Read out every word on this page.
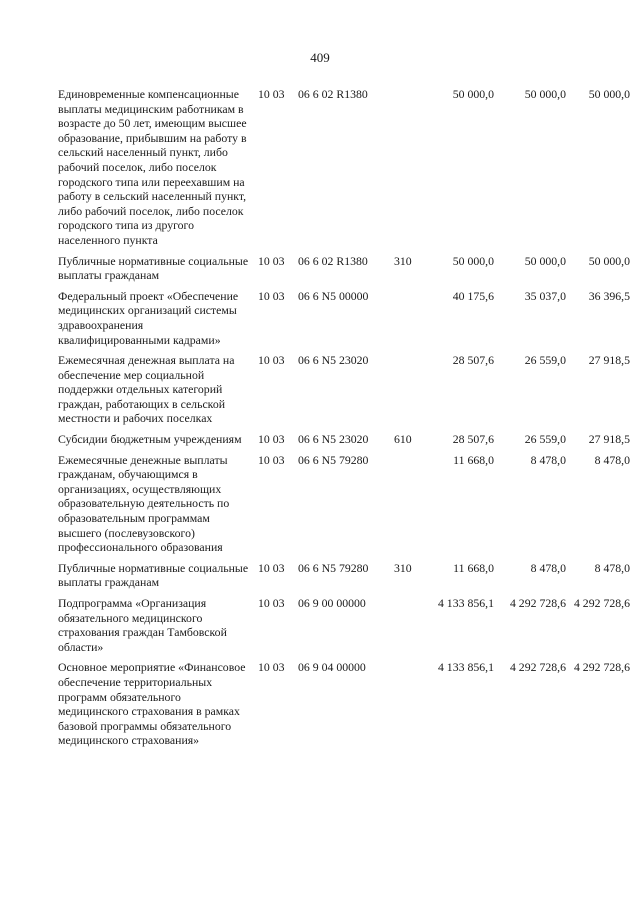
409
Единовременные компенсационные выплаты медицинским работникам в возрасте до 50 лет, имеющим высшее образование, прибывшим на работу в сельский населенный пункт, либо рабочий поселок, либо поселок городского типа или переехавшим на работу в сельский населенный пункт, либо рабочий поселок, либо поселок городского типа из другого населенного пункта	10 03	06 6 02 R1380		50 000,0	50 000,0	50 000,0

Публичные нормативные социальные выплаты гражданам	10 03	06 6 02 R1380	310	50 000,0	50 000,0	50 000,0

Федеральный проект «Обеспечение медицинских организаций системы здравоохранения квалифицированными кадрами»	10 03	06 6 N5 00000		40 175,6	35 037,0	36 396,5

Ежемесячная денежная выплата на обеспечение мер социальной поддержки отдельных категорий граждан, работающих в сельской местности и рабочих поселках	10 03	06 6 N5 23020		28 507,6	26 559,0	27 918,5

Субсидии бюджетным учреждениям	10 03	06 6 N5 23020	610	28 507,6	26 559,0	27 918,5

Ежемесячные денежные выплаты гражданам, обучающимся в организациях, осуществляющих образовательную деятельность по образовательным программам высшего (послевузовского) профессионального образования	10 03	06 6 N5 79280		11 668,0	8 478,0	8 478,0

Публичные нормативные социальные выплаты гражданам	10 03	06 6 N5 79280	310	11 668,0	8 478,0	8 478,0

Подпрограмма «Организация обязательного медицинского страхования граждан Тамбовской области»	10 03	06 9 00 00000		4 133 856,1	4 292 728,6	4 292 728,6

Основное мероприятие «Финансовое обеспечение территориальных программ обязательного медицинского страхования в рамках базовой программы обязательного медицинского страхования»	10 03	06 9 04 00000		4 133 856,1	4 292 728,6	4 292 728,6
